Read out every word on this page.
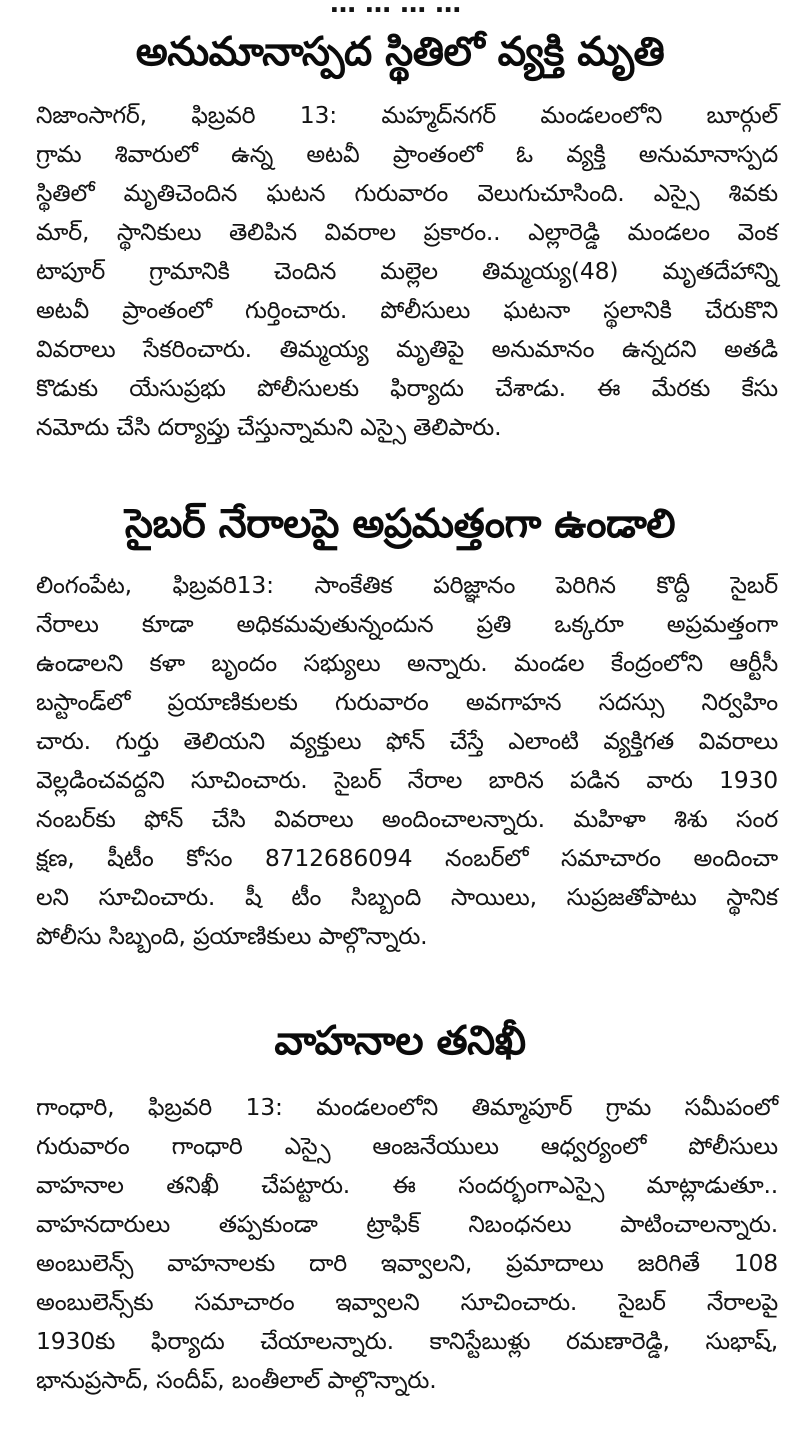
… … … …
అనుమానాస్పద స్థితిలో వ్యక్తి మృతి
నిజాంసాగర్, ఫిబ్రవరి 13: మహ్మద్‌నగర్ మండలంలోని బూర్గుల్
గ్రామ శివారులో ఉన్న అటవీ ప్రాంతంలో ఓ వ్యక్తి అనుమానాస్పద
స్థితిలో మృతిచెందిన ఘటన గురువారం వెలుగుచూసింది. ఎస్సై శివకు
మార్, స్థానికులు తెలిపిన వివరాల ప్రకారం.. ఎల్లారెడ్డి మండలం వెంక
టాపూర్ గ్రామానికి చెందిన మల్లెల తిమ్మయ్య(48) మృతదేహాన్ని
అటవీ ప్రాంతంలో గుర్తించారు. పోలీసులు ఘటనా స్థలానికి చేరుకొని
వివరాలు సేకరించారు. తిమ్మయ్య మృతిపై అనుమానం ఉన్నదని అతడి
కొడుకు యేసుప్రభు పోలీసులకు ఫిర్యాదు చేశాడు. ఈ మేరకు కేసు
నమోదు చేసి దర్యాప్తు చేస్తున్నామని ఎస్సై తెలిపారు.
సైబర్ నేరాలపై అప్రమత్తంగా ఉండాలి
లింగంపేట, ఫిబ్రవరి13: సాంకేతిక పరిజ్ఞానం పెరిగిన కొద్దీ సైబర్
నేరాలు కూడా అధికమవుతున్నందున ప్రతి ఒక్కరూ అప్రమత్తంగా
ఉండాలని కళా బృందం సభ్యులు అన్నారు. మండల కేంద్రంలోని ఆర్టీసీ
బస్టాండ్‌లో ప్రయాణికులకు గురువారం అవగాహన సదస్సు నిర్వహిం
చారు. గుర్తు తెలియని వ్యక్తులు ఫోన్ చేస్తే ఎలాంటి వ్యక్తిగత వివరాలు
వెల్లడించవద్దని సూచించారు. సైబర్ నేరాల బారిన పడిన వారు 1930
నంబర్‌కు ఫోన్ చేసి వివరాలు అందించాలన్నారు. మహిళా శిశు సంర
క్షణ, షీటీం కోసం 8712686094 నంబర్‌లో సమాచారం అందించా
లని సూచించారు. షీ టీం సిబ్బంది సాయిలు, సుప్రజతోపాటు స్థానిక
పోలీసు సిబ్బంది, ప్రయాణికులు పాల్గొన్నారు.
వాహనాల తనిఖీ
గాంధారి, ఫిబ్రవరి 13: మండలంలోని తిమ్మాపూర్ గ్రామ సమీపంలో
గురువారం గాంధారి ఎస్సై ఆంజనేయులు ఆధ్వర్యంలో పోలీసులు
వాహనాల తనిఖీ చేపట్టారు. ఈ సందర్భంగాఎస్సై మాట్లాడుతూ..
వాహనదారులు తప్పకుండా ట్రాఫిక్ నిబంధనలు పాటించాలన్నారు.
అంబులెన్స్ వాహనాలకు దారి ఇవ్వాలని, ప్రమాదాలు జరిగితే 108
అంబులెన్స్‌కు సమాచారం ఇవ్వాలని సూచించారు. సైబర్ నేరాలపై
1930కు ఫిర్యాదు చేయాలన్నారు. కానిస్టేబుళ్లు రమణారెడ్డి, సుభాష్,
భానుప్రసాద్, సందీప్, బంతీలాల్ పాల్గొన్నారు.
